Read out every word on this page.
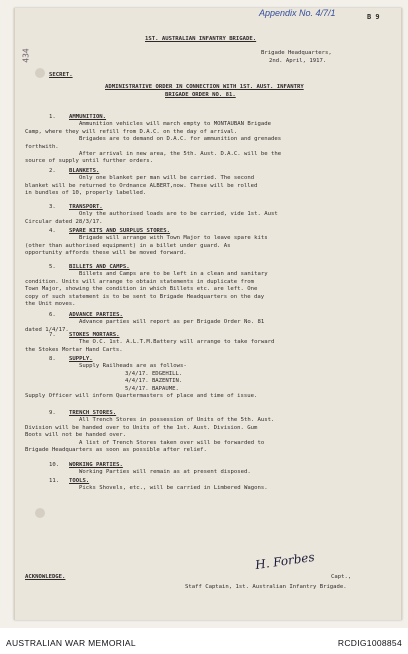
Appendix No. 4/7/1	B 9
434
1ST. AUSTRALIAN INFANTRY BRIGADE.
Brigade Headquarters,
2nd. April, 1917.
SECRET.
ADMINISTRATIVE ORDER IN CONNECTION WITH 1ST. AUST. INFANTRY
BRIGADE ORDER NO. 81.
1. AMMUNITION.
Ammunition vehicles will march empty to MONTAUBAN Brigade
Camp, where they will refill from D.A.C. on the day of arrival.
Brigades are to demand on D.A.C. for ammunition and grenades
forthwith.
After arrival in new area, the 5th. Aust. D.A.C. will be the
source of supply until further orders.
2. BLANKETS.
Only one blanket per man will be carried. The second
blanket will be returned to Ordnance ALBERT,now. These will be rolled
in bundles of 10, properly labelled.
3. TRANSPORT.
Only the authorised loads are to be carried, vide 1st. Aust
Circular dated 28/3/17.
4. SPARE KITS AND SURPLUS STORES.
Brigade will arrange with Town Major to leave spare kits
(other than authorised equipment) in a billet under guard. As
opportunity affords these will be moved forward.
5. BILLETS AND CAMPS.
Billets and Camps are to be left in a clean and sanitary
condition. Units will arrange to obtain statements in duplicate from
Town Major, showing the condition in which Billets etc. are left. One
copy of such statement is to be sent to Brigade Headquarters on the day
the Unit moves.
6. ADVANCE PARTIES.
Advance parties will report as per Brigade Order No. 81
dated 1/4/17.
7. STOKES MORTARS.
The O.C. 1st. A.L.T.M.Battery will arrange to take forward
the Stokes Mortar Hand Carts.
8. SUPPLY.
Supply Railheads are as follows-
3/4/17. EDGEHILL.
4/4/17. BAZENTIN.
5/4/17. BAPAUME.
Supply Officer will inform Quartermasters of place and time of issue.
9. TRENCH STORES.
All Trench Stores in possession of Units of the 5th. Aust.
Division will be handed over to Units of the 1st. Aust. Division. Gum
Boots will not be handed over.
A list of Trench Stores taken over will be forwarded to
Brigade Headquarters as soon as possible after relief.
10. WORKING PARTIES.
Working Parties will remain as at present disposed.
11. TOOLS.
Picks Shovels, etc., will be carried in Limbered Wagons.
ACKNOWLEDGE.
H. Forbes
Capt.,
Staff Captain, 1st. Australian Infantry Brigade.
AUSTRALIAN WAR MEMORIAL	RCDIG1008854
